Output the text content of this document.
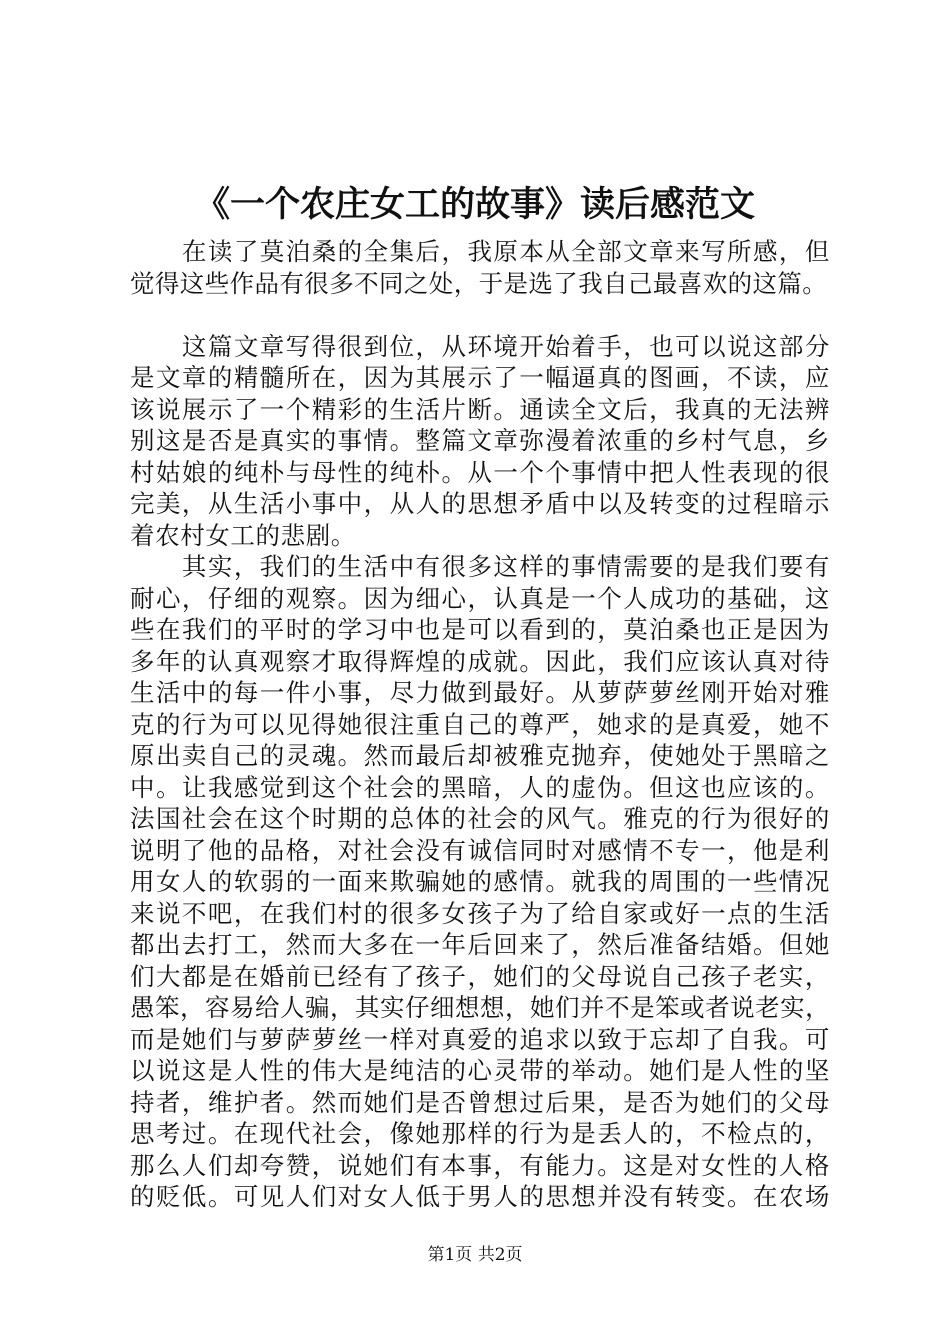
《一个农庄女工的故事》读后感范文

　　在读了莫泊桑的全集后，我原本从全部文章来写所感，但
觉得这些作品有很多不同之处，于是选了我自己最喜欢的这篇。

　　这篇文章写得很到位，从环境开始着手，也可以说这部分
是文章的精髓所在，因为其展示了一幅逼真的图画，不读，应
该说展示了一个精彩的生活片断。通读全文后，我真的无法辨
别这是否是真实的事情。整篇文章弥漫着浓重的乡村气息，乡
村姑娘的纯朴与母性的纯朴。从一个个事情中把人性表现的很
完美，从生活小事中，从人的思想矛盾中以及转变的过程暗示
着农村女工的悲剧。

　　其实，我们的生活中有很多这样的事情需要的是我们要有
耐心，仔细的观察。因为细心，认真是一个人成功的基础，这
些在我们的平时的学习中也是可以看到的，莫泊桑也正是因为
多年的认真观察才取得辉煌的成就。因此，我们应该认真对待
生活中的每一件小事，尽力做到最好。从萝萨萝丝刚开始对雅
克的行为可以见得她很注重自己的尊严，她求的是真爱，她不
原出卖自己的灵魂。然而最后却被雅克抛弃，使她处于黑暗之
中。让我感觉到这个社会的黑暗，人的虚伪。但这也应该的。
法国社会在这个时期的总体的社会的风气。雅克的行为很好的
说明了他的品格，对社会没有诚信同时对感情不专一，他是利
用女人的软弱的一面来欺骗她的感情。就我的周围的一些情况
来说不吧，在我们村的很多女孩子为了给自家或好一点的生活
都出去打工，然而大多在一年后回来了，然后准备结婚。但她
们大都是在婚前已经有了孩子，她们的父母说自己孩子老实，
愚笨，容易给人骗，其实仔细想想，她们并不是笨或者说老实，
而是她们与萝萨萝丝一样对真爱的追求以致于忘却了自我。可
以说这是人性的伟大是纯洁的心灵带的举动。她们是人性的坚
持者，维护者。然而她们是否曾想过后果，是否为她们的父母
思考过。在现代社会，像她那样的行为是丢人的，不检点的，
那么人们却夸赞，说她们有本事，有能力。这是对女性的人格
的贬低。可见人们对女人低于男人的思想并没有转变。在农场

第1页 共2页
